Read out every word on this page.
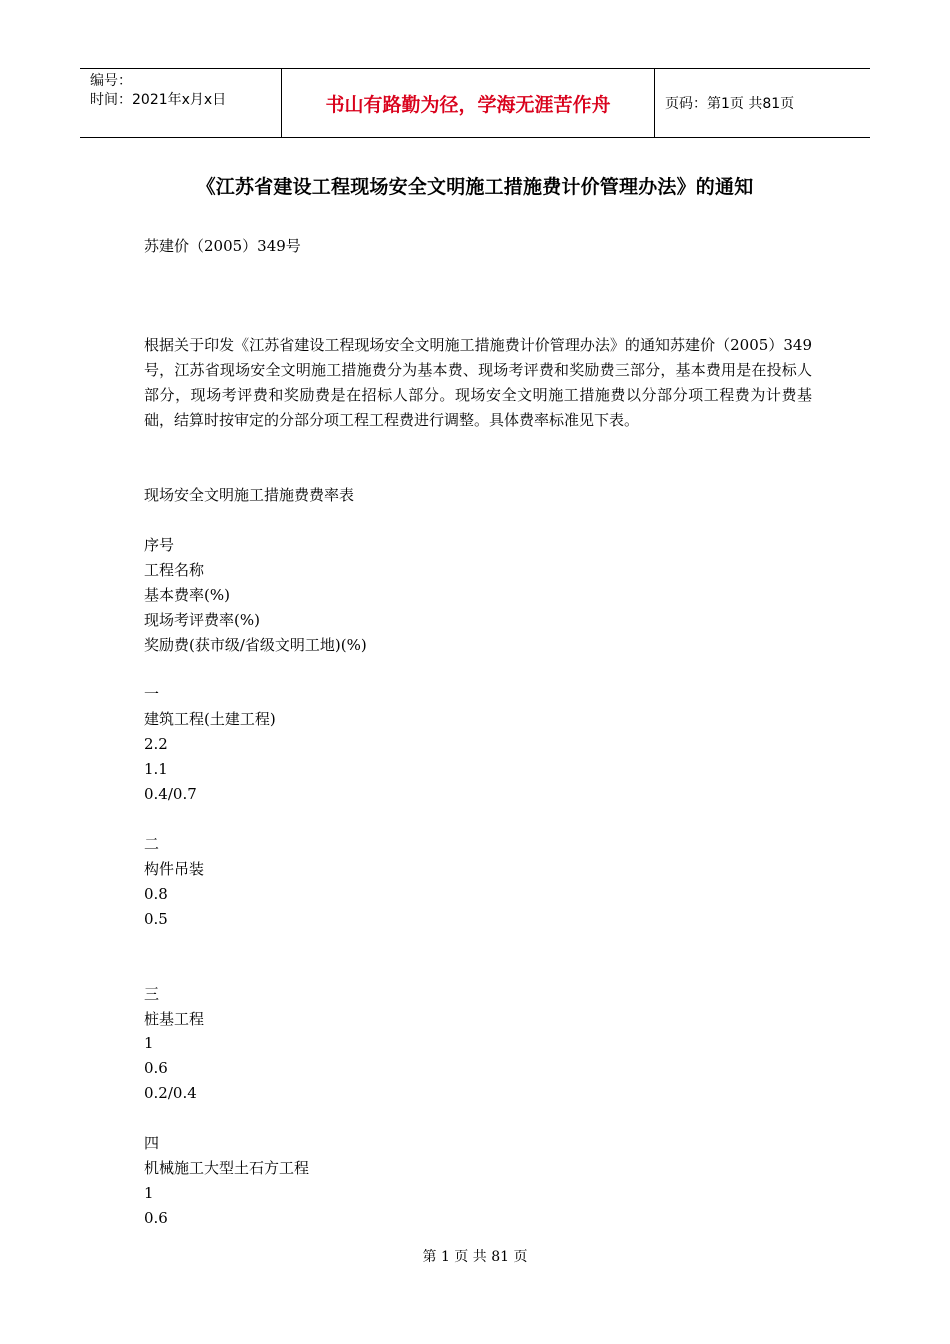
编号：
时间：2021年x月x日	书山有路勤为径，学海无涯苦作舟	页码：第1页 共81页
《江苏省建设工程现场安全文明施工措施费计价管理办法》的通知
苏建价（2005）349号
根据关于印发《江苏省建设工程现场安全文明施工措施费计价管理办法》的通知苏建价（2005）349号，江苏省现场安全文明施工措施费分为基本费、现场考评费和奖励费三部分，基本费用是在投标人部分，现场考评费和奖励费是在招标人部分。现场安全文明施工措施费以分部分项工程费为计费基础，结算时按审定的分部分项工程工程费进行调整。具体费率标准见下表。
现场安全文明施工措施费费率表
序号
工程名称
基本费率(%)
现场考评费率(%)
奖励费(获市级/省级文明工地)(%)
一
建筑工程(土建工程)
2.2
1.1
0.4/0.7
二
构件吊装
0.8
0.5
三
桩基工程
1
0.6
0.2/0.4
四
机械施工大型土石方工程
1
0.6
第 1 页 共 81 页
